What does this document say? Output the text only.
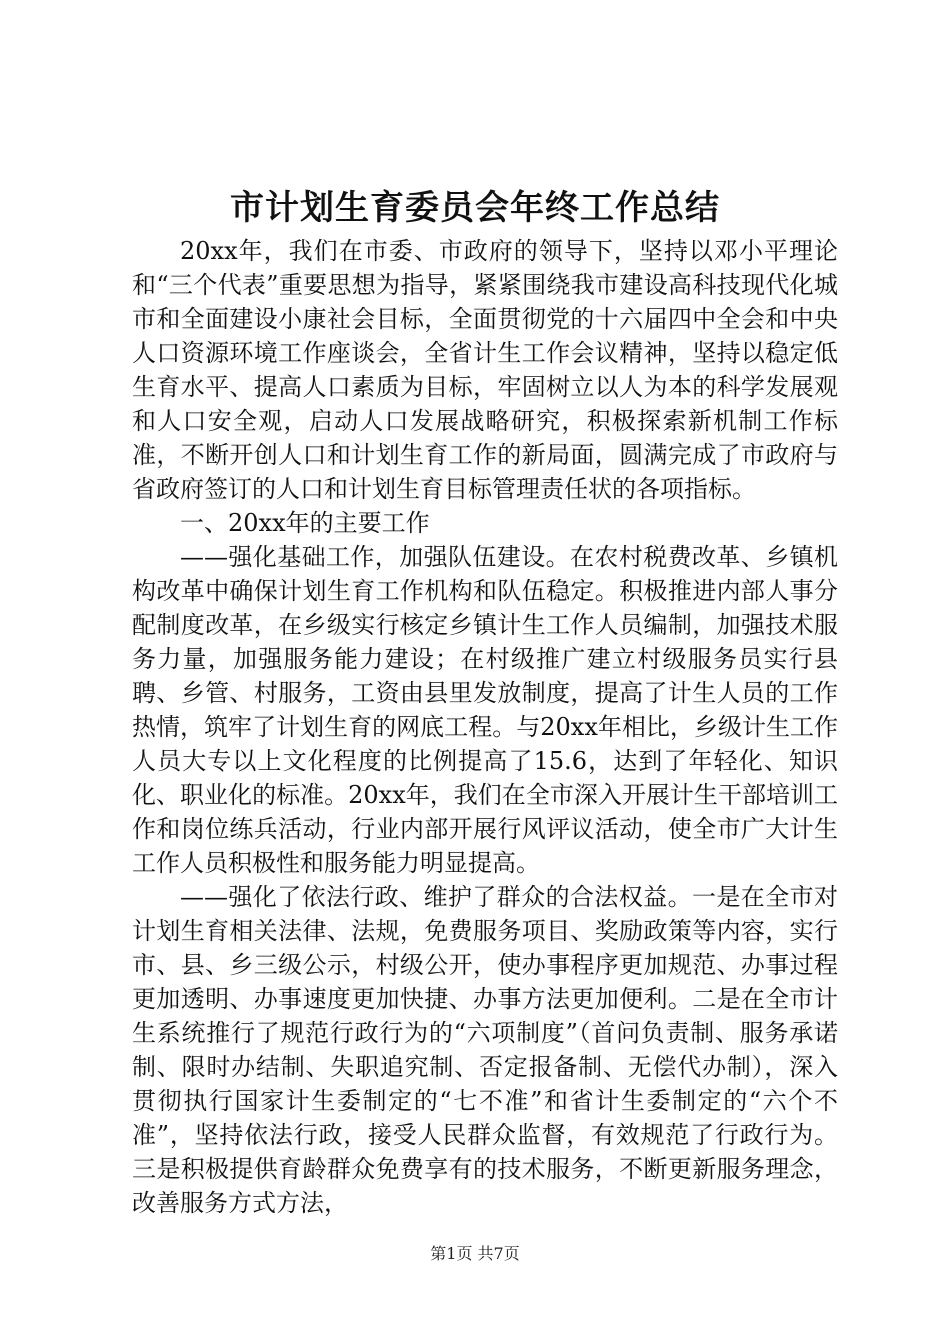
市计划生育委员会年终工作总结

20xx年，我们在市委、市政府的领导下，坚持以邓小平理论和“三个代表”重要思想为指导，紧紧围绕我市建设高科技现代化城市和全面建设小康社会目标，全面贯彻党的十六届四中全会和中央人口资源环境工作座谈会，全省计生工作会议精神，坚持以稳定低生育水平、提高人口素质为目标，牢固树立以人为本的科学发展观和人口安全观，启动人口发展战略研究，积极探索新机制工作标准，不断开创人口和计划生育工作的新局面，圆满完成了市政府与省政府签订的人口和计划生育目标管理责任状的各项指标。

一、20xx年的主要工作

——强化基础工作，加强队伍建设。在农村税费改革、乡镇机构改革中确保计划生育工作机构和队伍稳定。积极推进内部人事分配制度改革，在乡级实行核定乡镇计生工作人员编制，加强技术服务力量，加强服务能力建设；在村级推广建立村级服务员实行县聘、乡管、村服务，工资由县里发放制度，提高了计生人员的工作热情，筑牢了计划生育的网底工程。与20xx年相比，乡级计生工作人员大专以上文化程度的比例提高了15.6，达到了年轻化、知识化、职业化的标准。20xx年，我们在全市深入开展计生干部培训工作和岗位练兵活动，行业内部开展行风评议活动，使全市广大计生工作人员积极性和服务能力明显提高。

——强化了依法行政、维护了群众的合法权益。一是在全市对计划生育相关法律、法规，免费服务项目、奖励政策等内容，实行市、县、乡三级公示，村级公开，使办事程序更加规范、办事过程更加透明、办事速度更加快捷、办事方法更加便利。二是在全市计生系统推行了规范行政行为的“六项制度”（首问负责制、服务承诺制、限时办结制、失职追究制、否定报备制、无偿代办制），深入贯彻执行国家计生委制定的“七不准”和省计生委制定的“六个不准”，坚持依法行政，接受人民群众监督，有效规范了行政行为。三是积极提供育龄群众免费享有的技术服务，不断更新服务理念，改善服务方式方法，

第1页 共7页
